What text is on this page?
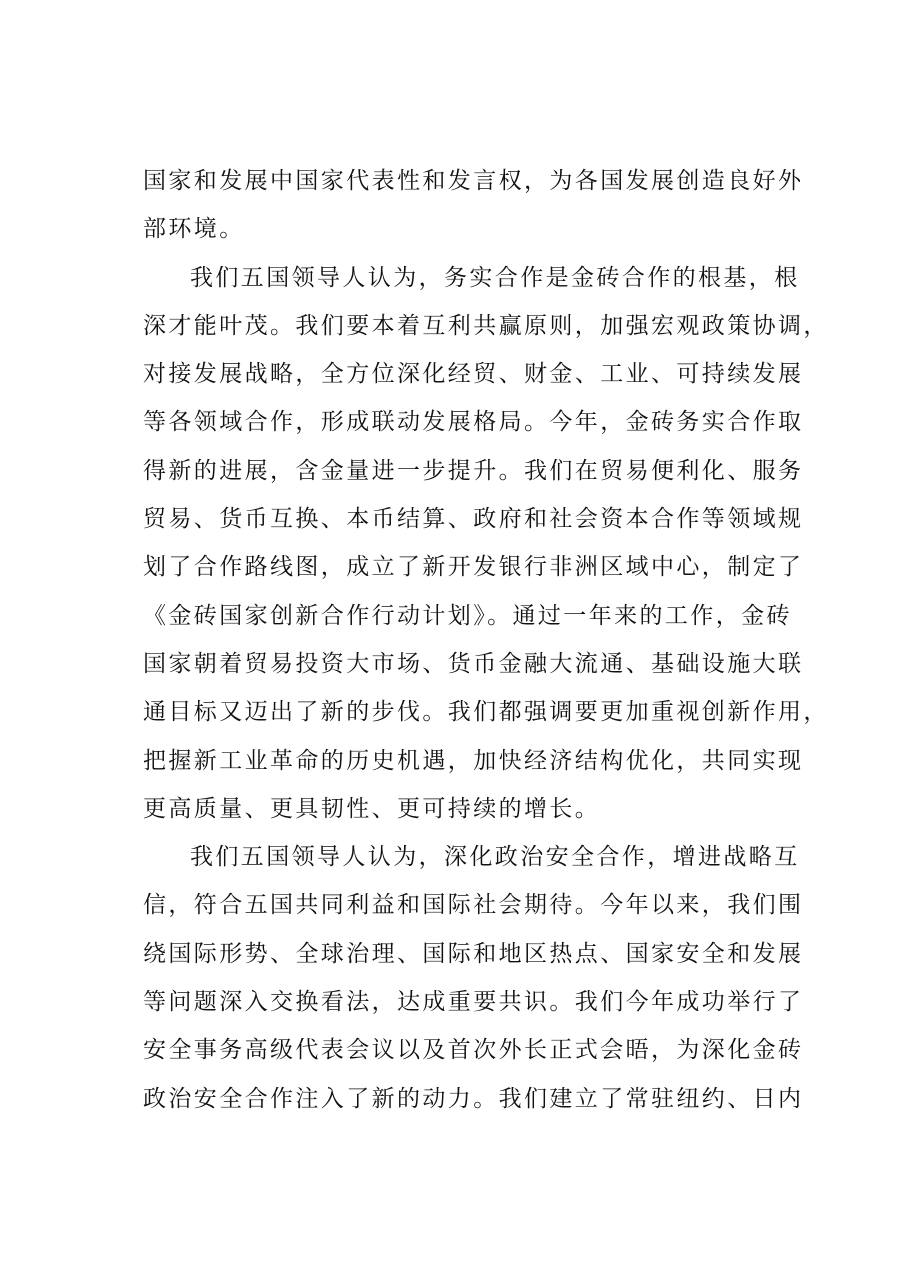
国家和发展中国家代表性和发言权，为各国发展创造良好外
部环境。

我们五国领导人认为，务实合作是金砖合作的根基，根
深才能叶茂。我们要本着互利共赢原则，加强宏观政策协调，
对接发展战略，全方位深化经贸、财金、工业、可持续发展
等各领域合作，形成联动发展格局。今年，金砖务实合作取
得新的进展，含金量进一步提升。我们在贸易便利化、服务
贸易、货币互换、本币结算、政府和社会资本合作等领域规
划了合作路线图，成立了新开发银行非洲区域中心，制定了
《金砖国家创新合作行动计划》。通过一年来的工作，金砖
国家朝着贸易投资大市场、货币金融大流通、基础设施大联
通目标又迈出了新的步伐。我们都强调要更加重视创新作用，
把握新工业革命的历史机遇，加快经济结构优化，共同实现
更高质量、更具韧性、更可持续的增长。

我们五国领导人认为，深化政治安全合作，增进战略互
信，符合五国共同利益和国际社会期待。今年以来，我们围
绕国际形势、全球治理、国际和地区热点、国家安全和发展
等问题深入交换看法，达成重要共识。我们今年成功举行了
安全事务高级代表会议以及首次外长正式会晤，为深化金砖
政治安全合作注入了新的动力。我们建立了常驻纽约、日内
